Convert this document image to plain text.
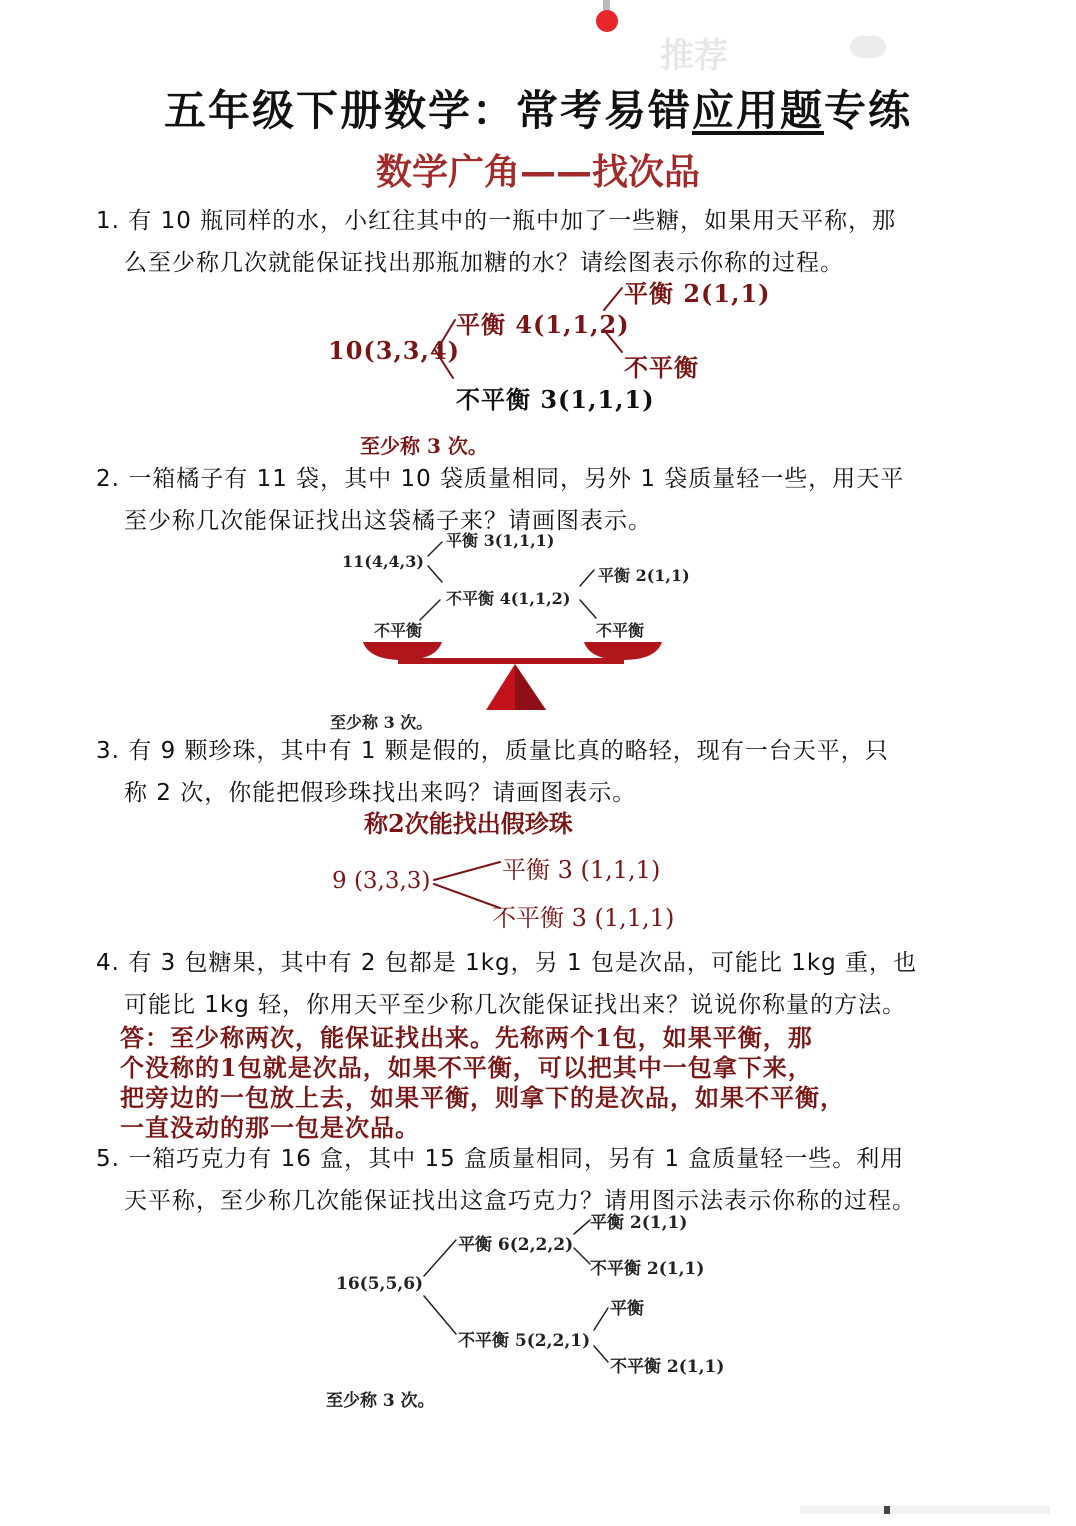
推荐
五年级下册数学：常考易错应用题专练
数学广角——找次品
1. 有 10 瓶同样的水，小红往其中的一瓶中加了一些糖，如果用天平称，那
么至少称几次就能保证找出那瓶加糖的水？请绘图表示你称的过程。
10(3,3,4)
平衡 4(1,1,2)
不平衡 3(1,1,1)
平衡 2(1,1)
不平衡
至少称 3 次。
2. 一箱橘子有 11 袋，其中 10 袋质量相同，另外 1 袋质量轻一些，用天平
至少称几次能保证找出这袋橘子来？请画图表示。
11(4,4,3)
平衡 3(1,1,1)
不平衡 4(1,1,2)
平衡 2(1,1)
不平衡	不平衡
至少称 3 次。
3. 有 9 颗珍珠，其中有 1 颗是假的，质量比真的略轻，现有一台天平，只
称 2 次，你能把假珍珠找出来吗？请画图表示。
称2次能找出假珍珠
9 (3,3,3)	平衡 3 (1,1,1)
不平衡 3 (1,1,1)
4. 有 3 包糖果，其中有 2 包都是 1kg，另 1 包是次品，可能比 1kg 重，也
可能比 1kg 轻，你用天平至少称几次能保证找出来？说说你称量的方法。
答：至少称两次，能保证找出来。先称两个1包，如果平衡，那
个没称的1包就是次品，如果不平衡，可以把其中一包拿下来，
把旁边的一包放上去，如果平衡，则拿下的是次品，如果不平衡，
一直没动的那一包是次品。
5. 一箱巧克力有 16 盒，其中 15 盒质量相同，另有 1 盒质量轻一些。利用
天平称，至少称几次能保证找出这盒巧克力？请用图示法表示你称的过程。
16(5,5,6)
平衡 6(2,2,2)
平衡 2(1,1)
不平衡 2(1,1)
不平衡 5(2,2,1)
平衡
不平衡 2(1,1)
至少称 3 次。
